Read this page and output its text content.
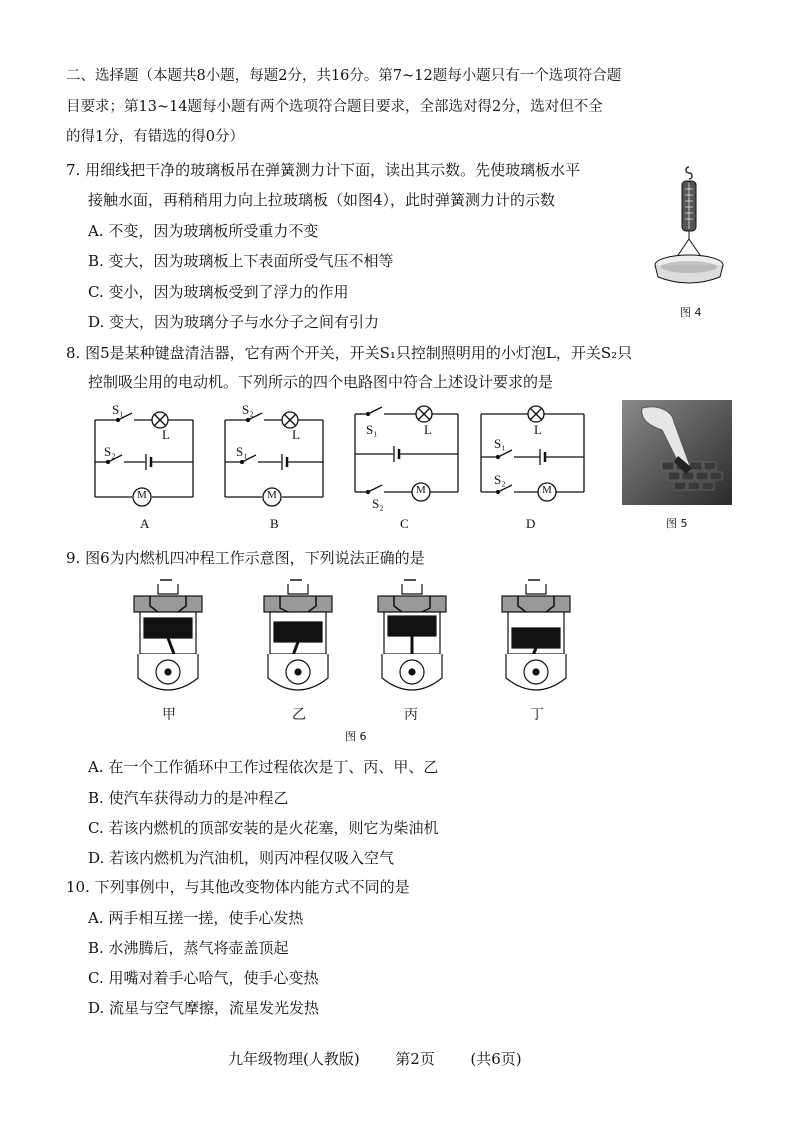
二、选择题（本题共8小题，每题2分，共16分。第7~12题每小题只有一个选项符合题
目要求；第13~14题每小题有两个选项符合题目要求，全部选对得2分，选对但不全
的得1分，有错选的得0分）
7. 用细线把干净的玻璃板吊在弹簧测力计下面，读出其示数。先使玻璃板水平
接触水面，再稍稍用力向上拉玻璃板（如图4），此时弹簧测力计的示数
A. 不变，因为玻璃板所受重力不变
B. 变大，因为玻璃板上下表面所受气压不相等
C. 变小，因为玻璃板受到了浮力的作用
D. 变大，因为玻璃分子与水分子之间有引力
图 4
8. 图5是某种键盘清洁器，它有两个开关，开关S₁只控制照明用的小灯泡L，开关S₂只
控制吸尘用的电动机。下列所示的四个电路图中符合上述设计要求的是
S₁
L
S₂
M
A
S₂
L
S₁
M
B
S₁	L
S₂
M
C
S₁
L
S₂
M
D	图 5
9. 图6为内燃机四冲程工作示意图，下列说法正确的是
甲	乙	丙	丁
图 6
A. 在一个工作循环中工作过程依次是丁、丙、甲、乙
B. 使汽车获得动力的是冲程乙
C. 若该内燃机的顶部安装的是火花塞，则它为柴油机
D. 若该内燃机为汽油机，则丙冲程仅吸入空气
10. 下列事例中，与其他改变物体内能方式不同的是
A. 两手相互搓一搓，使手心发热
B. 水沸腾后，蒸气将壶盖顶起
C. 用嘴对着手心哈气，使手心变热
D. 流星与空气摩擦，流星发光发热
九年级物理(人教版) 第2页 (共6页)
